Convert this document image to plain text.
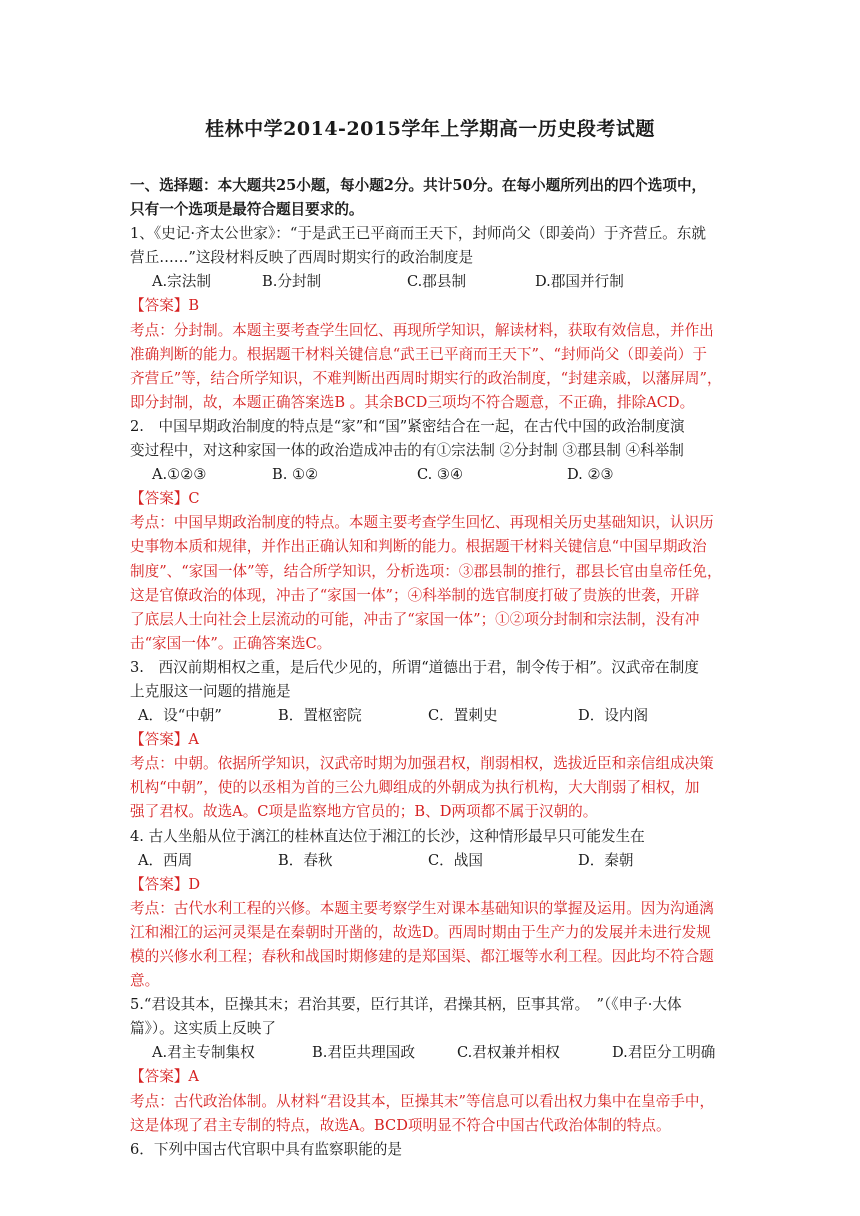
桂林中学2014-2015学年上学期高一历史段考试题
一、选择题：本大题共25小题，每小题2分。共计50分。在每小题所列出的四个选项中，
只有一个选项是最符合题目要求的。
1、《史记·齐太公世家》：“于是武王已平商而王天下，封师尚父（即姜尚）于齐营丘。东就
营丘……”这段材料反映了西周时期实行的政治制度是
A.宗法制	B.分封制	C.郡县制	D.郡国并行制
【答案】B
考点：分封制。本题主要考查学生回忆、再现所学知识，解读材料，获取有效信息，并作出
准确判断的能力。根据题干材料关键信息“武王已平商而王天下”、“封师尚父（即姜尚）于
齐营丘”等，结合所学知识，不难判断出西周时期实行的政治制度，“封建亲戚，以藩屏周”，
即分封制，故，本题正确答案选B 。其余BCD三项均不符合题意，不正确，排除ACD。
2.　中国早期政治制度的特点是“家”和“国”紧密结合在一起，在古代中国的政治制度演
变过程中，对这种家国一体的政治造成冲击的有①宗法制 ②分封制 ③郡县制 ④科举制
A.①②③	B. ①②	C. ③④	D. ②③
【答案】C
考点：中国早期政治制度的特点。本题主要考查学生回忆、再现相关历史基础知识，认识历
史事物本质和规律，并作出正确认知和判断的能力。根据题干材料关键信息“中国早期政治
制度”、“家国一体”等，结合所学知识，分析选项：③郡县制的推行，郡县长官由皇帝任免，
这是官僚政治的体现，冲击了“家国一体”；④科举制的选官制度打破了贵族的世袭，开辟
了底层人士向社会上层流动的可能，冲击了“家国一体”；①②项分封制和宗法制，没有冲
击“家国一体”。正确答案选C。
3.　西汉前期相权之重，是后代少见的，所谓“道德出于君，制令传于相”。汉武帝在制度
上克服这一问题的措施是
A．设“中朝”	B．置枢密院	C．置刺史	D．设内阁
【答案】A
考点：中朝。依据所学知识，汉武帝时期为加强君权，削弱相权，选拔近臣和亲信组成决策
机构“中朝”，使的以丞相为首的三公九卿组成的外朝成为执行机构，大大削弱了相权，加
强了君权。故选A。C项是监察地方官员的；B、D两项都不属于汉朝的。
4. 古人坐船从位于漓江的桂林直达位于湘江的长沙，这种情形最早只可能发生在
A．西周	B．春秋	C．战国	D．秦朝
【答案】D
考点：古代水利工程的兴修。本题主要考察学生对课本基础知识的掌握及运用。因为沟通漓
江和湘江的运河灵渠是在秦朝时开凿的，故选D。西周时期由于生产力的发展并未进行发规
模的兴修水利工程；春秋和战国时期修建的是郑国渠、都江堰等水利工程。因此均不符合题
意。
5.“君设其本，臣操其末；君治其要，臣行其详，君操其柄，臣事其常。　”（《申子·大体
篇》）。这实质上反映了
A.君主专制集权	B.君臣共理国政	C.君权兼并相权	D.君臣分工明确
【答案】A
考点：古代政治体制。从材料“君设其本，臣操其末”等信息可以看出权力集中在皇帝手中，
这是体现了君主专制的特点，故选A。BCD项明显不符合中国古代政治体制的特点。
6．下列中国古代官职中具有监察职能的是
